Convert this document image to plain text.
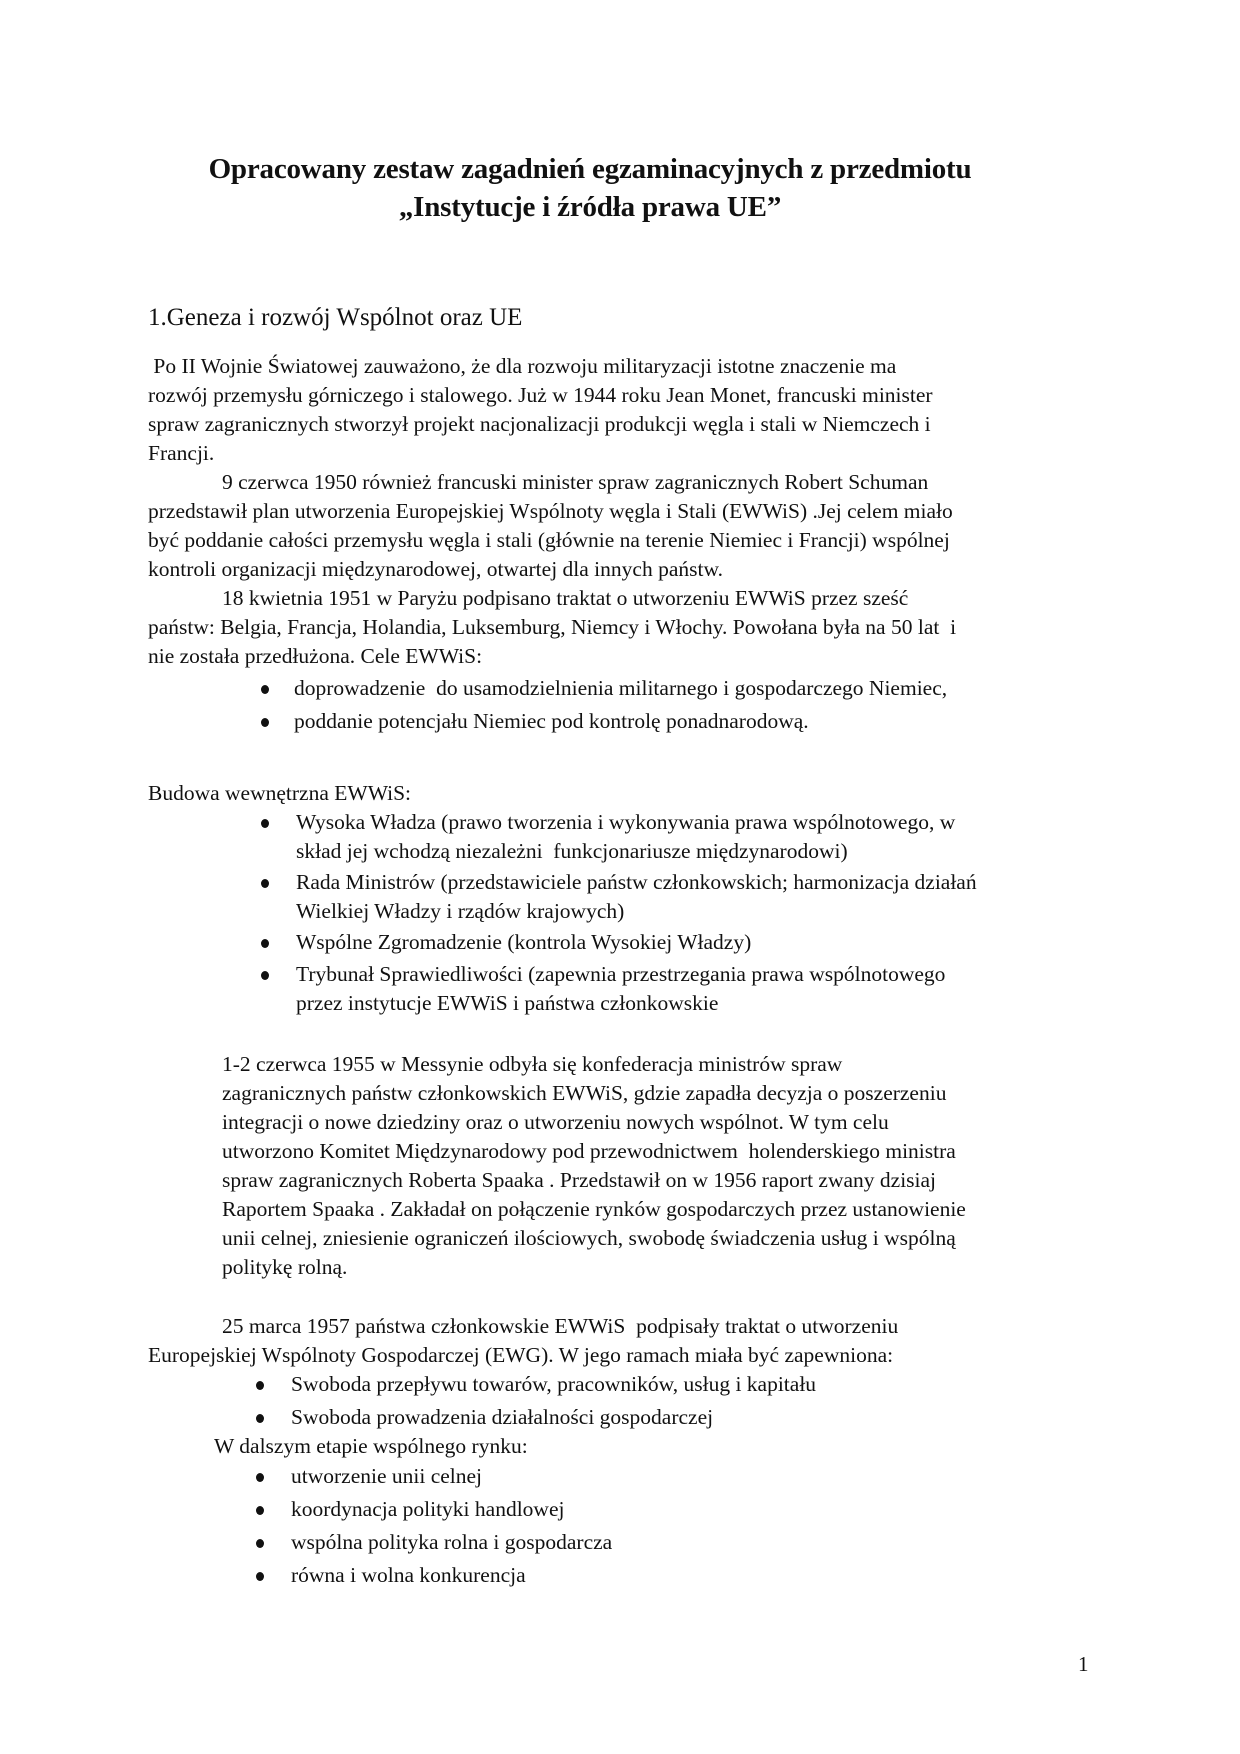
Opracowany zestaw zagadnień egzaminacyjnych z przedmiotu
„Instytucje i źródła prawa UE”
1.Geneza i rozwój Wspólnot oraz UE
Po II Wojnie Światowej zauważono, że dla rozwoju militaryzacji istotne znaczenie ma
rozwój przemysłu górniczego i stalowego. Już w 1944 roku Jean Monet, francuski minister
spraw zagranicznych stworzył projekt nacjonalizacji produkcji węgla i stali w Niemczech i
Francji.
9 czerwca 1950 również francuski minister spraw zagranicznych Robert Schuman
przedstawił plan utworzenia Europejskiej Wspólnoty węgla i Stali (EWWiS) .Jej celem miało
być poddanie całości przemysłu węgla i stali (głównie na terenie Niemiec i Francji) wspólnej
kontroli organizacji międzynarodowej, otwartej dla innych państw.
18 kwietnia 1951 w Paryżu podpisano traktat o utworzeniu EWWiS przez sześć
państw: Belgia, Francja, Holandia, Luksemburg, Niemcy i Włochy. Powołana była na 50 lat  i
nie została przedłużona. Cele EWWiS:
doprowadzenie  do usamodzielnienia militarnego i gospodarczego Niemiec,
poddanie potencjału Niemiec pod kontrolę ponadnarodową.
Budowa wewnętrzna EWWiS:
Wysoka Władza (prawo tworzenia i wykonywania prawa wspólnotowego, w
skład jej wchodzą niezależni  funkcjonariusze międzynarodowi)
Rada Ministrów (przedstawiciele państw członkowskich; harmonizacja działań
Wielkiej Władzy i rządów krajowych)
Wspólne Zgromadzenie (kontrola Wysokiej Władzy)
Trybunał Sprawiedliwości (zapewnia przestrzegania prawa wspólnotowego
przez instytucje EWWiS i państwa członkowskie
1-2 czerwca 1955 w Messynie odbyła się konfederacja ministrów spraw
zagranicznych państw członkowskich EWWiS, gdzie zapadła decyzja o poszerzeniu
integracji o nowe dziedziny oraz o utworzeniu nowych wspólnot. W tym celu
utworzono Komitet Międzynarodowy pod przewodnictwem  holenderskiego ministra
spraw zagranicznych Roberta Spaaka . Przedstawił on w 1956 raport zwany dzisiaj
Raportem Spaaka . Zakładał on połączenie rynków gospodarczych przez ustanowienie
unii celnej, zniesienie ograniczeń ilościowych, swobodę świadczenia usług i wspólną
politykę rolną.
25 marca 1957 państwa członkowskie EWWiS  podpisały traktat o utworzeniu
Europejskiej Wspólnoty Gospodarczej (EWG). W jego ramach miała być zapewniona:
Swoboda przepływu towarów, pracowników, usług i kapitału
Swoboda prowadzenia działalności gospodarczej
W dalszym etapie wspólnego rynku:
utworzenie unii celnej
koordynacja polityki handlowej
wspólna polityka rolna i gospodarcza
równa i wolna konkurencja
1
